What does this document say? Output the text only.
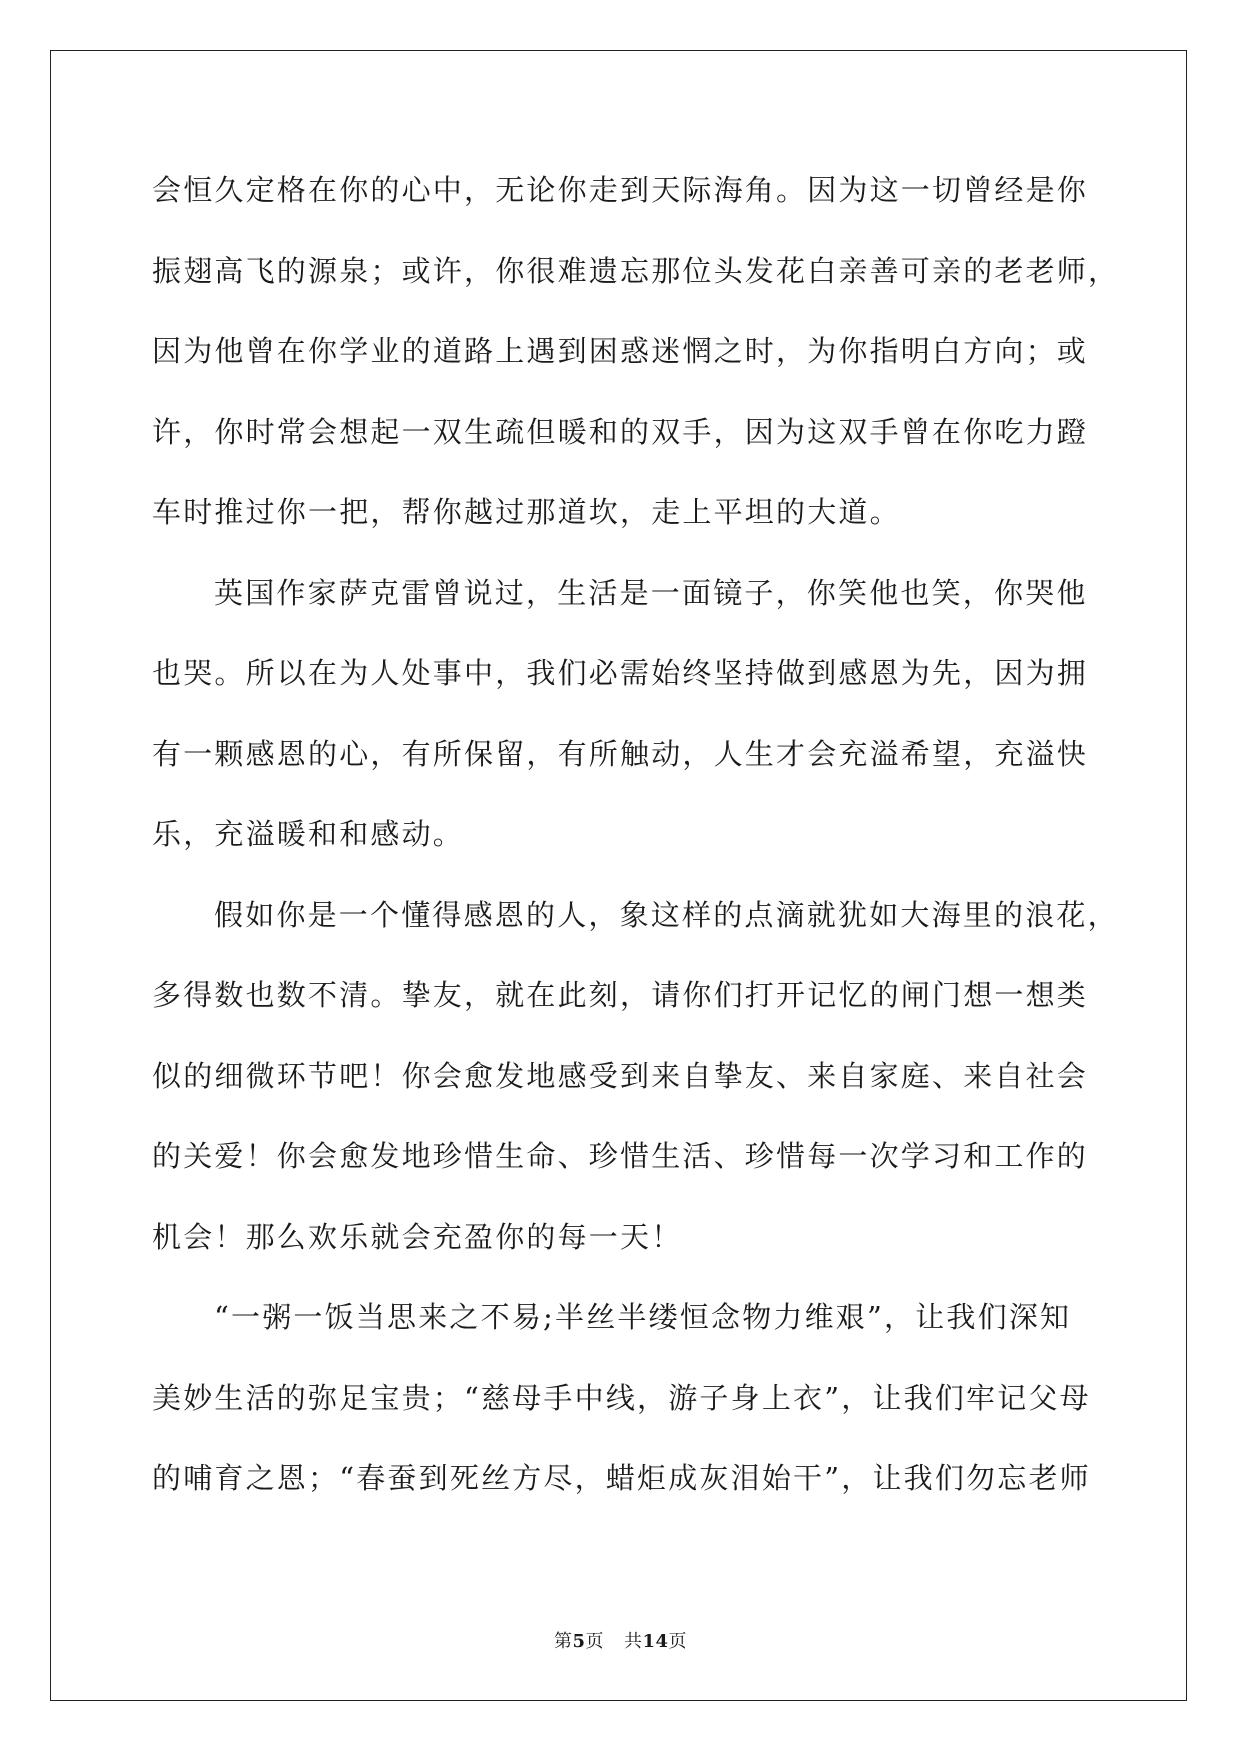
会恒久定格在你的心中，无论你走到天际海角。因为这一切曾经是你
振翅高飞的源泉；或许，你很难遗忘那位头发花白亲善可亲的老老师，
因为他曾在你学业的道路上遇到困惑迷惘之时，为你指明白方向；或
许，你时常会想起一双生疏但暖和的双手，因为这双手曾在你吃力蹬
车时推过你一把，帮你越过那道坎，走上平坦的大道。
英国作家萨克雷曾说过，生活是一面镜子，你笑他也笑，你哭他
也哭。所以在为人处事中，我们必需始终坚持做到感恩为先，因为拥
有一颗感恩的心，有所保留，有所触动，人生才会充溢希望，充溢快
乐，充溢暖和和感动。
假如你是一个懂得感恩的人，象这样的点滴就犹如大海里的浪花，
多得数也数不清。挚友，就在此刻，请你们打开记忆的闸门想一想类
似的细微环节吧！你会愈发地感受到来自挚友、来自家庭、来自社会
的关爱！你会愈发地珍惜生命、珍惜生活、珍惜每一次学习和工作的
机会！那么欢乐就会充盈你的每一天！
“一粥一饭当思来之不易;半丝半缕恒念物力维艰”，让我们深知
美妙生活的弥足宝贵；“慈母手中线，游子身上衣”，让我们牢记父母
的哺育之恩；“春蚕到死丝方尽，蜡炬成灰泪始干”，让我们勿忘老师
第5页 共14页
